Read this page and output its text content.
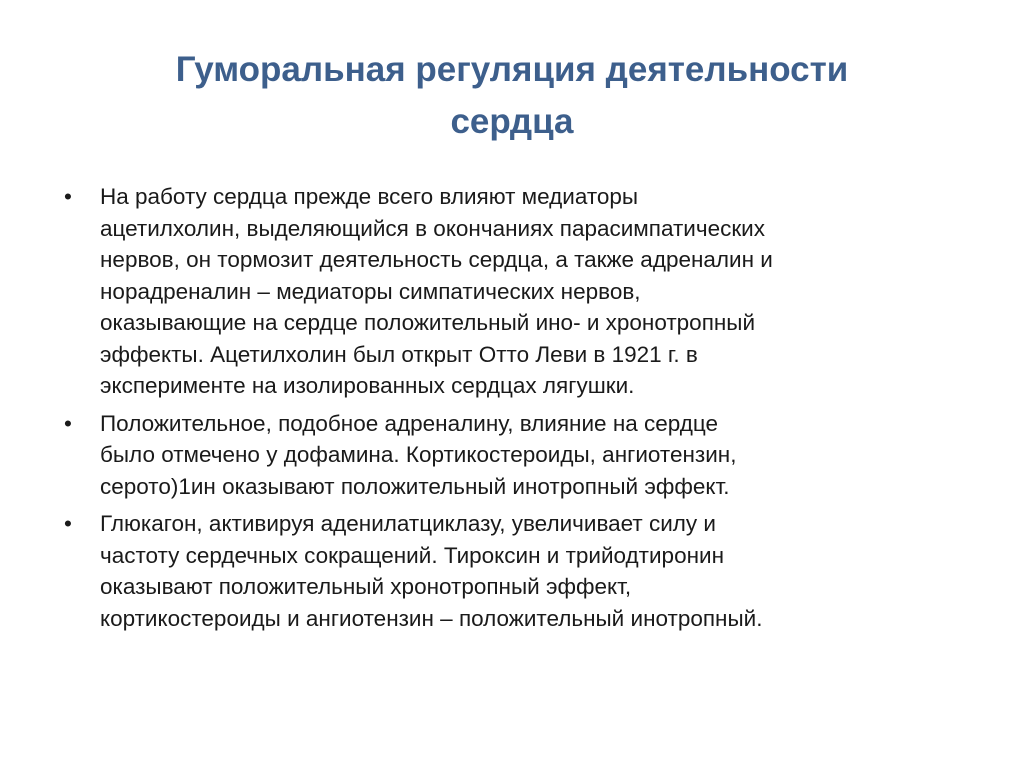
Гуморальная регуляция деятельности
сердца
•	На работу сердца прежде всего влияют медиаторы
ацетилхолин, выделяющийся в окончаниях парасимпатических
нервов, он тормозит деятельность сердца, а также адреналин и
норадреналин – медиаторы симпатических нервов,
оказывающие на сердце положительный ино- и хронотропный
эффекты. Ацетилхолин был открыт Отто Леви в 1921 г. в
эксперименте на изолированных сердцах лягушки.
•	Положительное, подобное адреналину, влияние на сердце
было отмечено у дофамина. Кортикостероиды, ангиотензин,
серото)1ин оказывают положительный инотропный эффект.
•	Глюкагон, активируя аденилатциклазу, увеличивает силу и
частоту сердечных сокращений. Тироксин и трийодтиронин
оказывают положительный хронотропный эффект,
кортикостероиды и ангиотензин – положительный инотропный.
